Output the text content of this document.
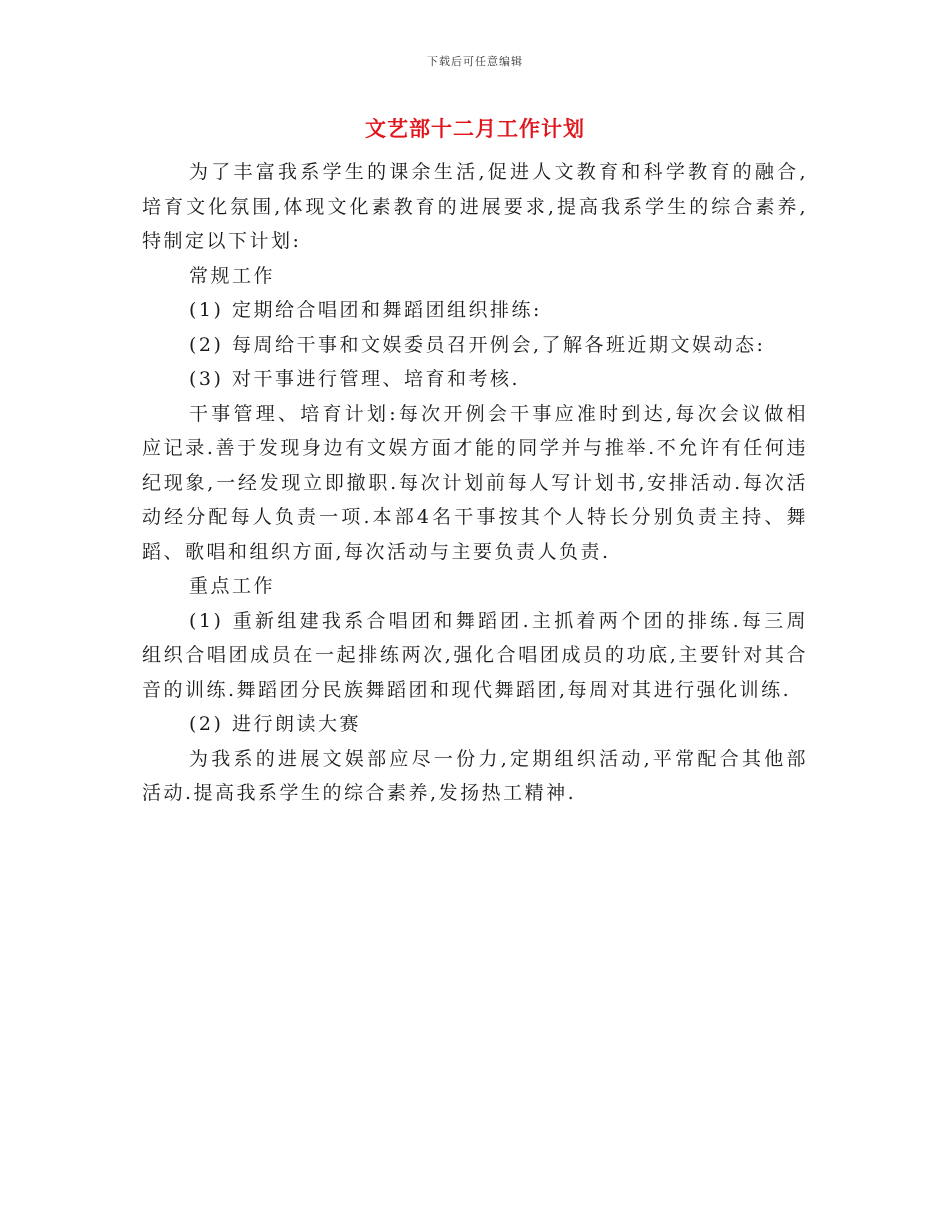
下载后可任意编辑
文艺部十二月工作计划

为了丰富我系学生的课余生活,促进人文教育和科学教育的融合,培育文化氛围,体现文化素教育的进展要求,提高我系学生的综合素养,特制定以下计划:

常规工作

(1) 定期给合唱团和舞蹈团组织排练:

(2) 每周给干事和文娱委员召开例会,了解各班近期文娱动态:

(3) 对干事进行管理、培育和考核.

干事管理、培育计划:每次开例会干事应准时到达,每次会议做相应记录.善于发现身边有文娱方面才能的同学并与推举.不允许有任何违纪现象,一经发现立即撤职.每次计划前每人写计划书,安排活动.每次活动经分配每人负责一项.本部4名干事按其个人特长分别负责主持、舞蹈、歌唱和组织方面,每次活动与主要负责人负责.

重点工作

(1) 重新组建我系合唱团和舞蹈团.主抓着两个团的排练.每三周组织合唱团成员在一起排练两次,强化合唱团成员的功底,主要针对其合音的训练.舞蹈团分民族舞蹈团和现代舞蹈团,每周对其进行强化训练.

(2) 进行朗读大赛

为我系的进展文娱部应尽一份力,定期组织活动,平常配合其他部活动.提高我系学生的综合素养,发扬热工精神.
